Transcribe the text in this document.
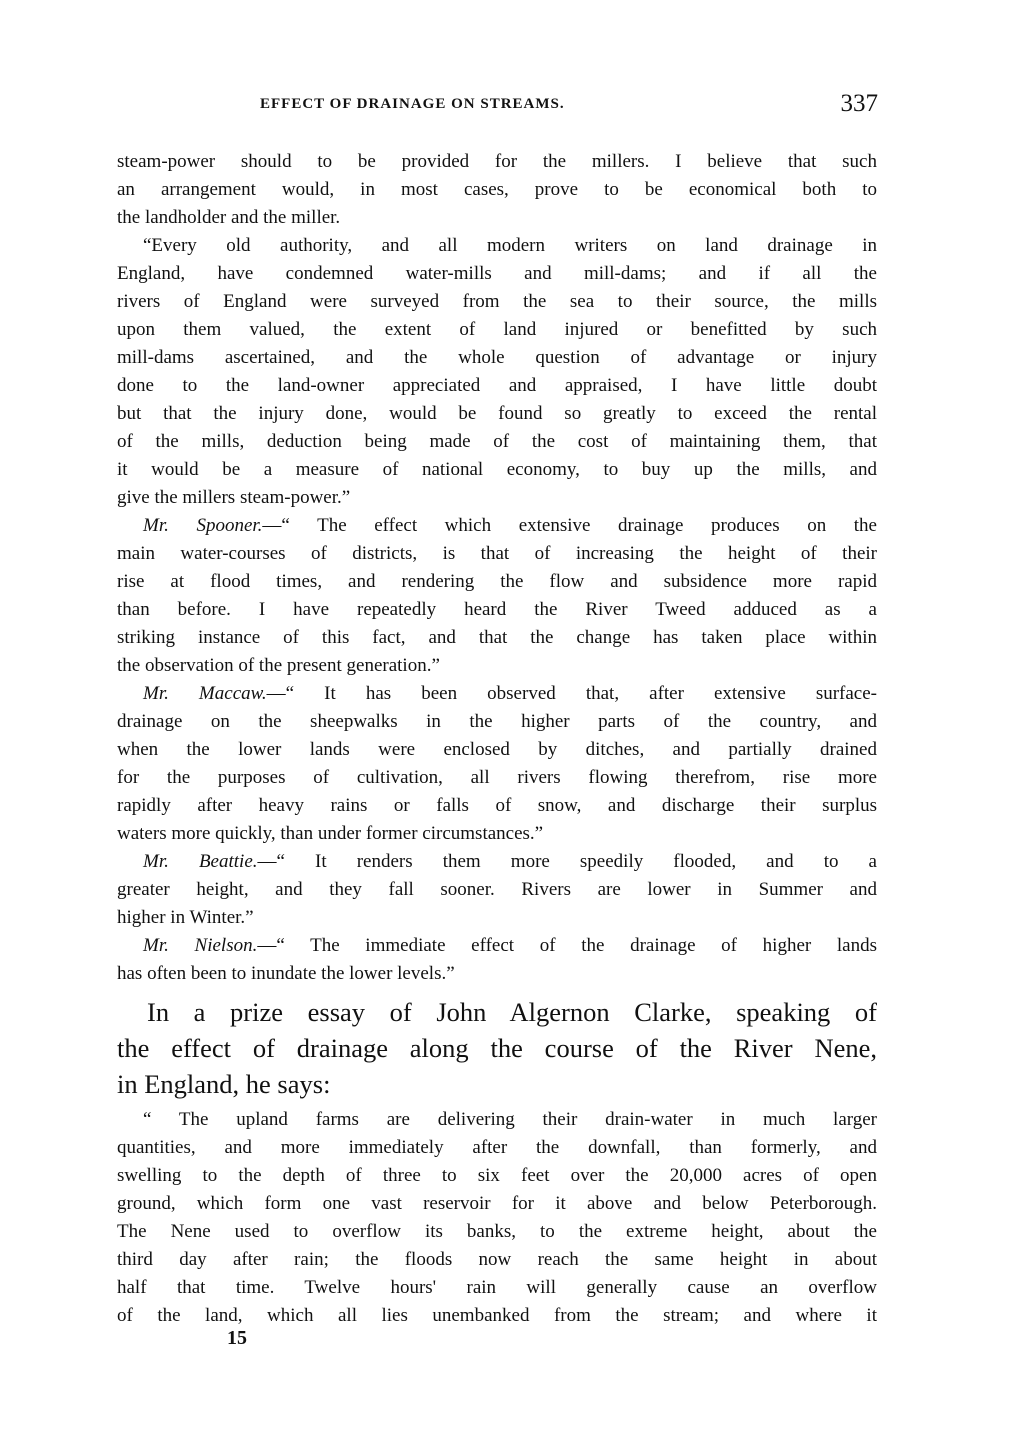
EFFECT OF DRAINAGE ON STREAMS.	337
steam-power should to be provided for the millers. I believe that such
an arrangement would, in most cases, prove to be economical both to
the landholder and the miller.
“Every old authority, and all modern writers on land drainage in
England, have condemned water-mills and mill-dams; and if all the
rivers of England were surveyed from the sea to their source, the mills
upon them valued, the extent of land injured or benefitted by such
mill-dams ascertained, and the whole question of advantage or injury
done to the land-owner appreciated and appraised, I have little doubt
but that the injury done, would be found so greatly to exceed the rental
of the mills, deduction being made of the cost of maintaining them, that
it would be a measure of national economy, to buy up the mills, and
give the millers steam-power.”
Mr. Spooner.—“ The effect which extensive drainage produces on the
main water-courses of districts, is that of increasing the height of their
rise at flood times, and rendering the flow and subsidence more rapid
than before. I have repeatedly heard the River Tweed adduced as a
striking instance of this fact, and that the change has taken place within
the observation of the present generation.”
Mr. Maccaw.—“ It has been observed that, after extensive surface-
drainage on the sheepwalks in the higher parts of the country, and
when the lower lands were enclosed by ditches, and partially drained
for the purposes of cultivation, all rivers flowing therefrom, rise more
rapidly after heavy rains or falls of snow, and discharge their surplus
waters more quickly, than under former circumstances.”
Mr. Beattie.—“ It renders them more speedily flooded, and to a
greater height, and they fall sooner. Rivers are lower in Summer and
higher in Winter.”
Mr. Nielson.—“ The immediate effect of the drainage of higher lands
has often been to inundate the lower levels.”
In a prize essay of John Algernon Clarke, speaking of
the effect of drainage along the course of the River Nene,
in England, he says:
“ The upland farms are delivering their drain-water in much larger
quantities, and more immediately after the downfall, than formerly, and
swelling to the depth of three to six feet over the 20,000 acres of open
ground, which form one vast reservoir for it above and below Peterborough.
The Nene used to overflow its banks, to the extreme height, about the
third day after rain; the floods now reach the same height in about
half that time. Twelve hours' rain will generally cause an overflow
of the land, which all lies unembanked from the stream; and where it
15
